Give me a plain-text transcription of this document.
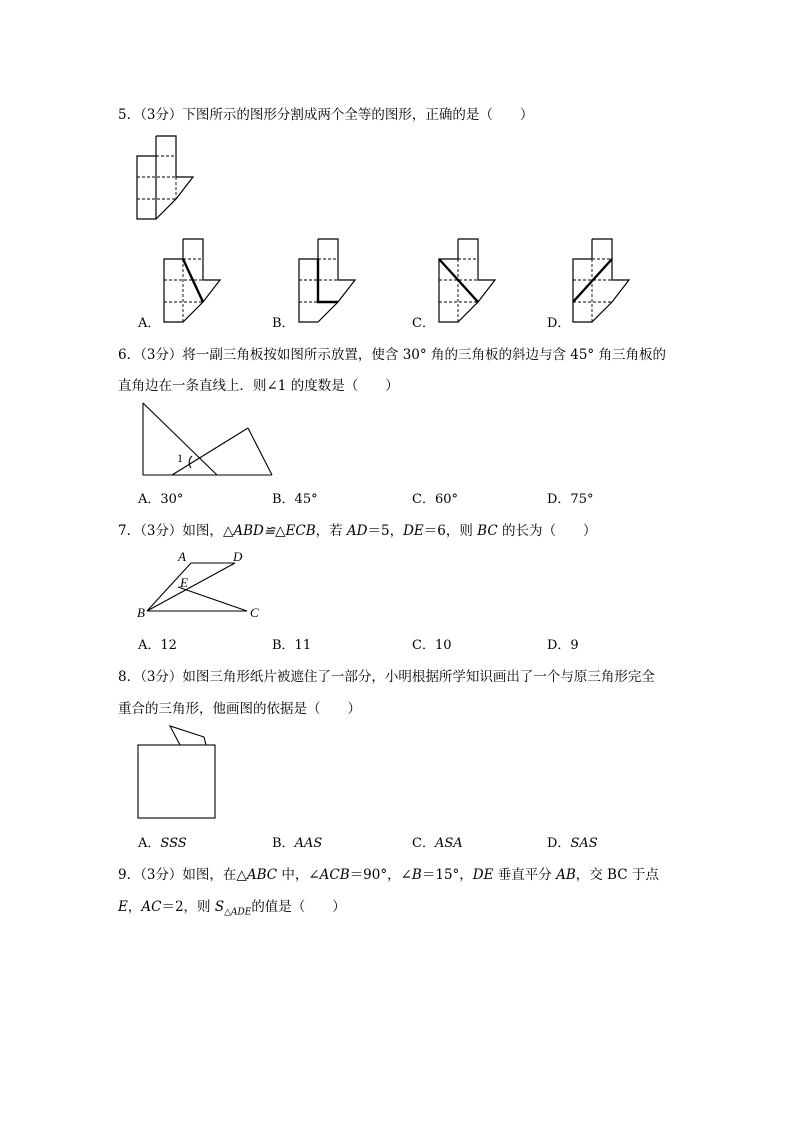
5．（3分）下图所示的图形分割成两个全等的图形，正确的是（　　）
A．	B．	C．	D．
6．（3分）将一副三角板按如图所示放置，使含 30° 角的三角板的斜边与含 45° 角三角板的
直角边在一条直线上．则∠1 的度数是（　　）
1
A．30°	B．45°	C．60°	D．75°
7．（3分）如图，△ABD≌△ECB，若 AD＝5，DE＝6，则 BC 的长为（　　）
A	D
E
B	C
A．12	B．11	C．10	D．9
8．（3分）如图三角形纸片被遮住了一部分，小明根据所学知识画出了一个与原三角形完全
重合的三角形，他画图的依据是（　　）
A．SSS	B．AAS	C．ASA	D．SAS
9．（3分）如图，在△ABC 中，∠ACB＝90°，∠B＝15°，DE 垂直平分 AB，交 BC 于点
E，AC＝2，则 $S_{\triangle ADE}$的值是（　　）
